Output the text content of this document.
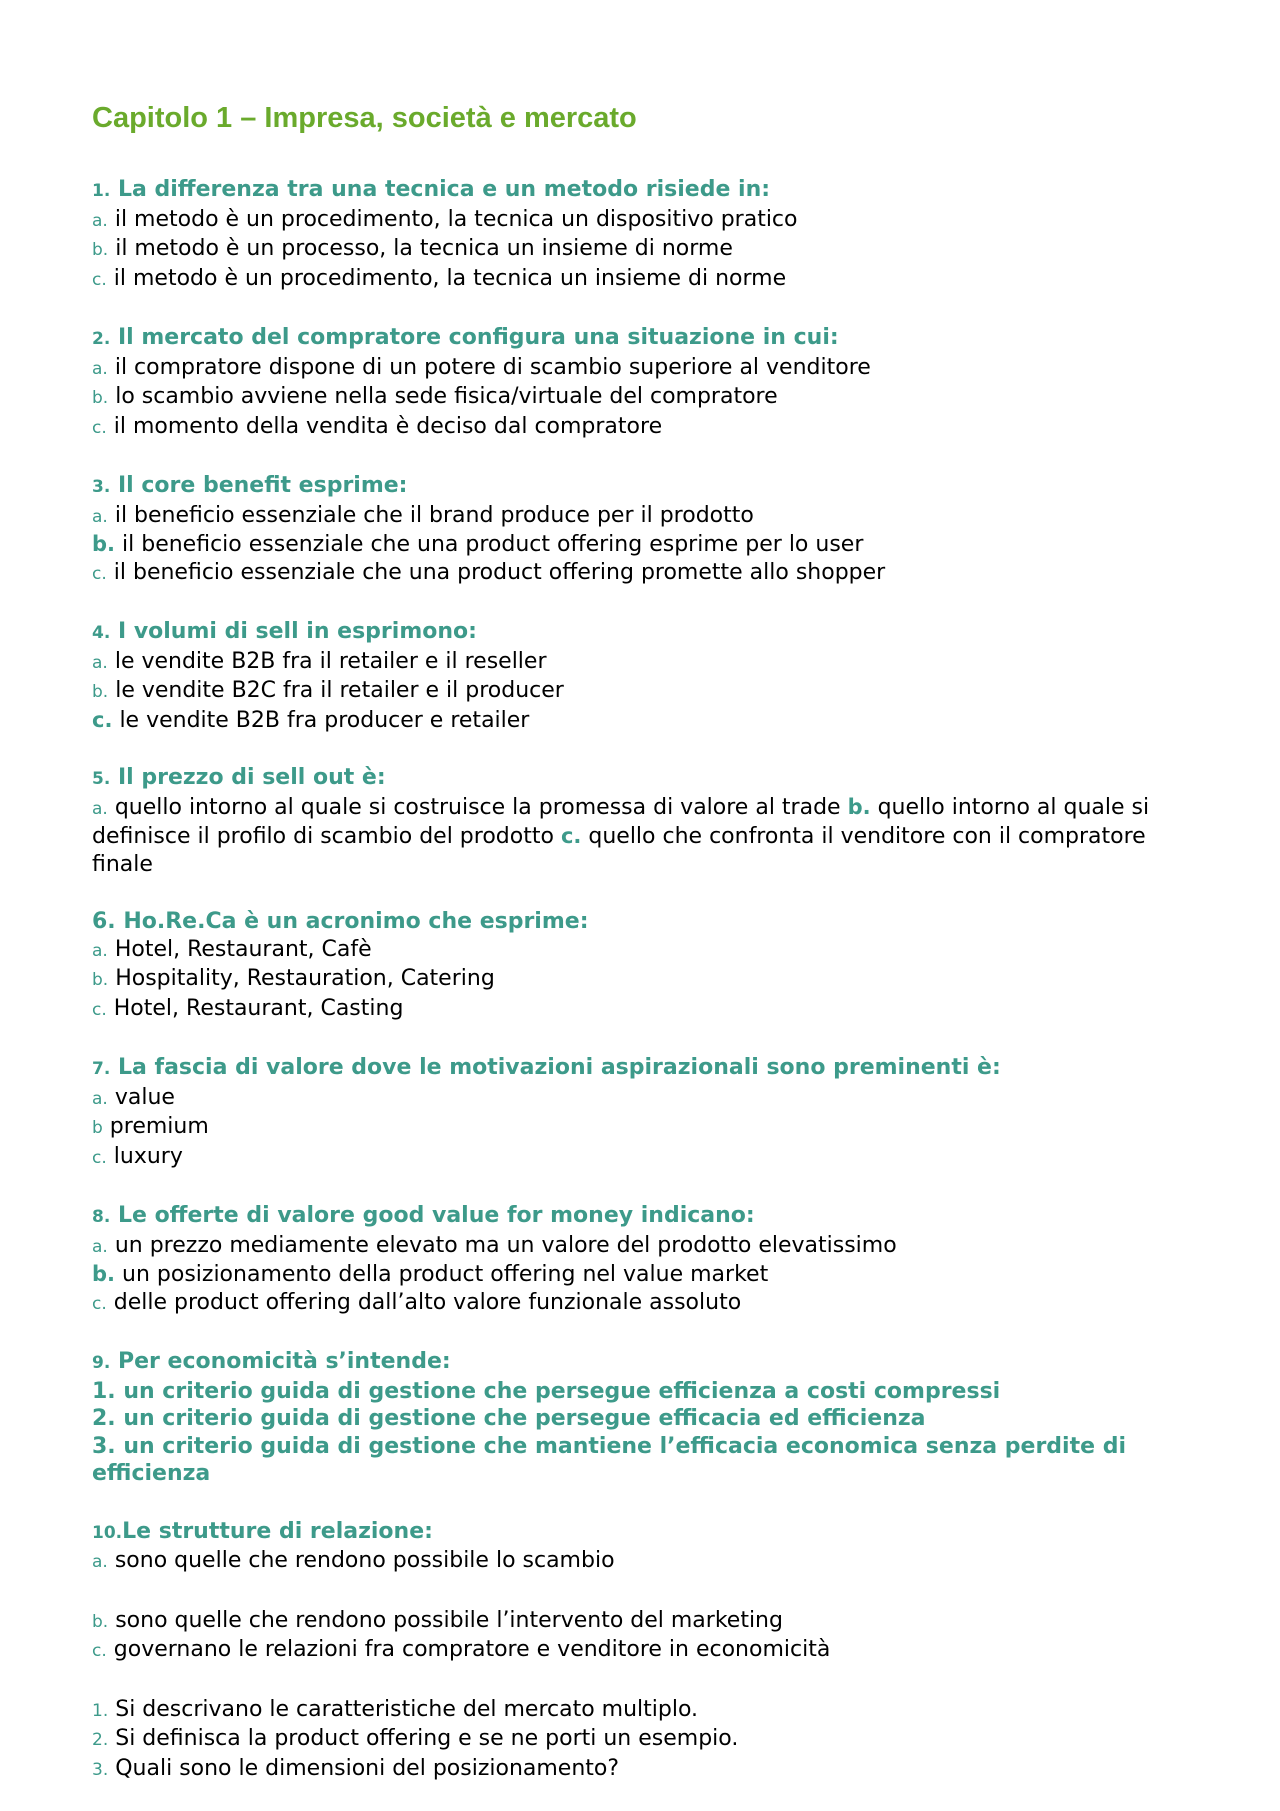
Capitolo 1 – Impresa, società e mercato
1. La differenza tra una tecnica e un metodo risiede in:
a. il metodo è un procedimento, la tecnica un dispositivo pratico
b. il metodo è un processo, la tecnica un insieme di norme
c. il metodo è un procedimento, la tecnica un insieme di norme
2. Il mercato del compratore configura una situazione in cui:
a. il compratore dispone di un potere di scambio superiore al venditore
b. lo scambio avviene nella sede fisica/virtuale del compratore
c. il momento della vendita è deciso dal compratore
3. Il core benefit esprime:
a. il beneficio essenziale che il brand produce per il prodotto
b. il beneficio essenziale che una product offering esprime per lo user
c. il beneficio essenziale che una product offering promette allo shopper
4. I volumi di sell in esprimono:
a. le vendite B2B fra il retailer e il reseller
b. le vendite B2C fra il retailer e il producer
c. le vendite B2B fra producer e retailer
5. Il prezzo di sell out è:
a. quello intorno al quale si costruisce la promessa di valore al trade b. quello intorno al quale si definisce il profilo di scambio del prodotto c. quello che confronta il venditore con il compratore finale
6. Ho.Re.Ca è un acronimo che esprime:
a. Hotel, Restaurant, Cafè
b. Hospitality, Restauration, Catering
c. Hotel, Restaurant, Casting
7. La fascia di valore dove le motivazioni aspirazionali sono preminenti è:
a. value
b premium
c. luxury
8. Le offerte di valore good value for money indicano:
a. un prezzo mediamente elevato ma un valore del prodotto elevatissimo
b. un posizionamento della product offering nel value market
c. delle product offering dall’alto valore funzionale assoluto
9. Per economicità s’intende:
1. un criterio guida di gestione che persegue efficienza a costi compressi
2. un criterio guida di gestione che persegue efficacia ed efficienza
3. un criterio guida di gestione che mantiene l’efficacia economica senza perdite di efficienza
10.Le strutture di relazione:
a. sono quelle che rendono possibile lo scambio
b. sono quelle che rendono possibile l’intervento del marketing
c. governano le relazioni fra compratore e venditore in economicità
1. Si descrivano le caratteristiche del mercato multiplo.
2. Si definisca la product offering e se ne porti un esempio.
3. Quali sono le dimensioni del posizionamento?
